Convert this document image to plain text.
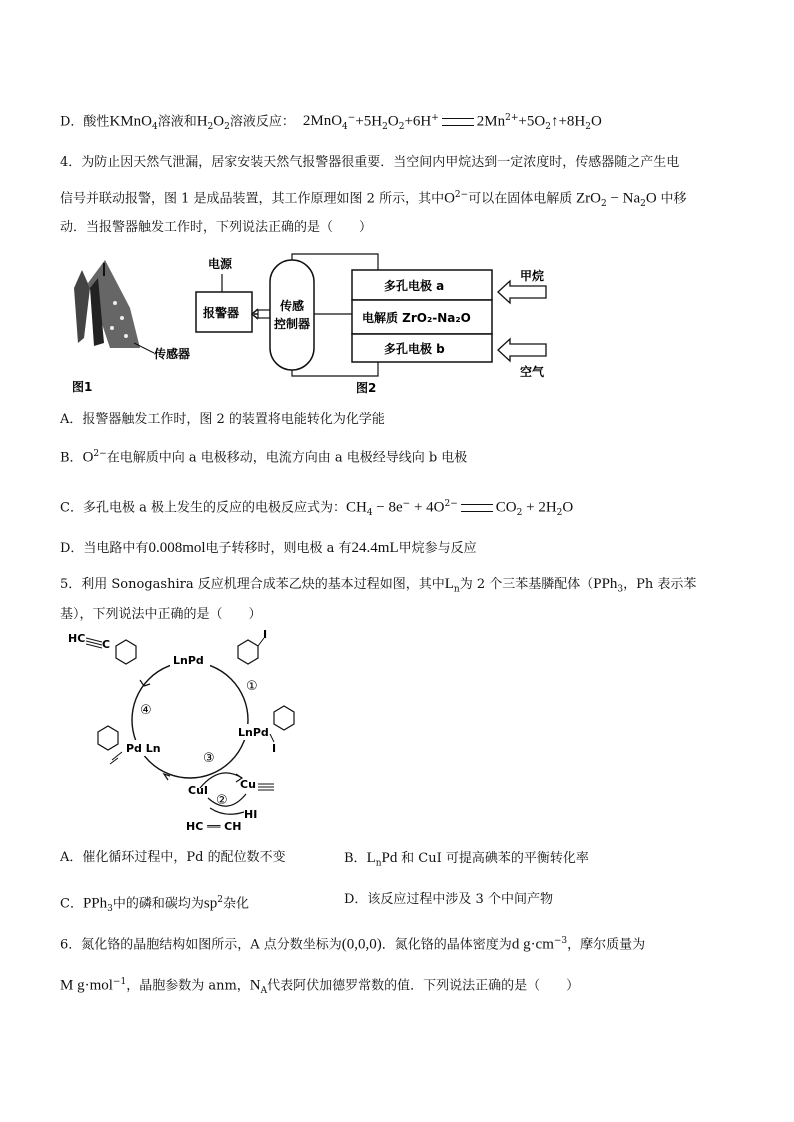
D．酸性KMnO$_4$溶液和$H_2O_2$溶液反应： $2MnO_4^-+5H_2O_2+6H^+$	$2Mn^{2+}+5O_2↑+8H_2O$
4．为防止因天然气泄漏，居家安装天然气报警器很重要．当空间内甲烷达到一定浓度时，传感器随之产生电
信号并联动报警，图 1 是成品装置，其工作原理如图 2 所示，其中$O^{2-}$可以在固体电解质 $ZrO_2 - Na_2O$ 中移
动．当报警器触发工作时，下列说法正确的是（　　）
传感器
图1
电源
报警器	传感
控制器
多孔电极 a
电解质 ZrO₂-Na₂O
多孔电极 b
甲烷
空气
图2
A．报警器触发工作时，图 2 的装置将电能转化为化学能
B．$O^{2-}$在电解质中向 a 电极移动，电流方向由 a 电极经导线向 b 电极
C．多孔电极 a 极上发生的反应的电极反应式为：$CH_4 - 8e^- + 4O^{2-}$	$CO_2 + 2H_2O$
D．当电路中有0.008mol电子转移时，则电极 a 有24.4mL甲烷参与反应
5．利用 Sonogashira 反应机理合成苯乙炔的基本过程如图，其中$L_n$为 2 个三苯基膦配体（PPh$_3$，Ph 表示苯
基），下列说法中正确的是（　　）
HC C
I
LnPd
LnPd
I
Pd Ln
①
④
③
Cu
CuI
②
HI
HC ══ CH
A．催化循环过程中，Pd 的配位数不变	B．$L_nPd$ 和 CuI 可提高碘苯的平衡转化率
C．PPh$_3$中的磷和碳均为$sp^2$杂化	D．该反应过程中涉及 3 个中间产物
6．氮化铬的晶胞结构如图所示，A 点分数坐标为(0,0,0)．氮化铬的晶体密度为d $g\cdot cm^{-3}$，摩尔质量为
M g·mol$^{-1}$，晶胞参数为 anm，$N_A$代表阿伏加德罗常数的值．下列说法正确的是（　　）
